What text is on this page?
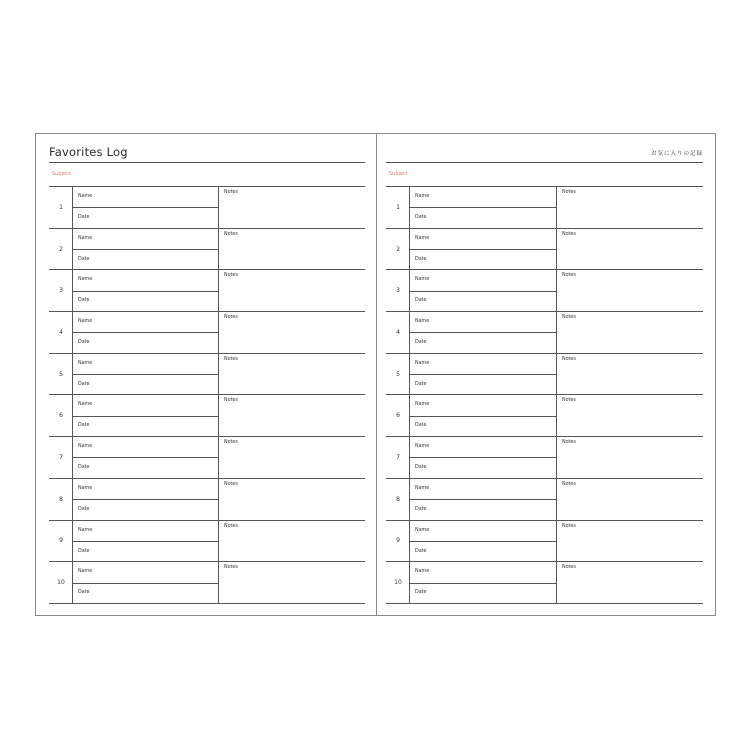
Favorites Log
Subject
1
Name
Date
Notes
2
Name
Date
Notes
3
Name
Date
Notes
4
Name
Date
Notes
5
Name
Date
Notes
6
Name
Date
Notes
7
Name
Date
Notes
8
Name
Date
Notes
9
Name
Date
Notes
10
Name
Date
Notes
お気に入りの記録
Subject
1
Name
Date
Notes
2
Name
Date
Notes
3
Name
Date
Notes
4
Name
Date
Notes
5
Name
Date
Notes
6
Name
Date
Notes
7
Name
Date
Notes
8
Name
Date
Notes
9
Name
Date
Notes
10
Name
Date
Notes
